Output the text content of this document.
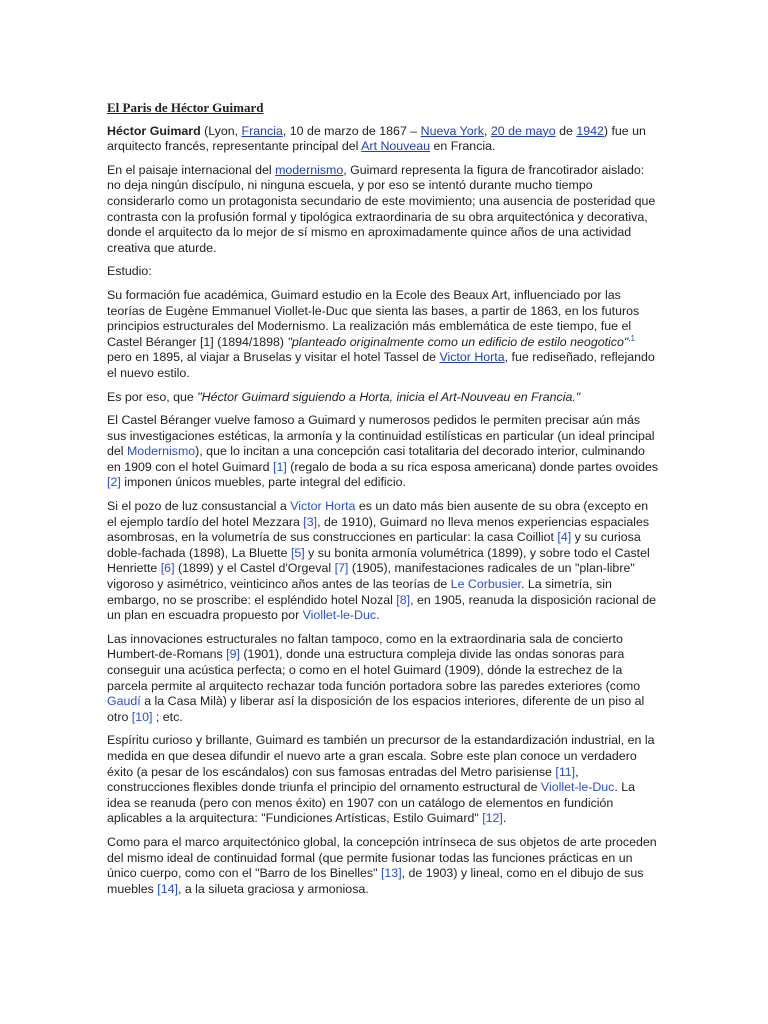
El Paris de Héctor Guimard

Héctor Guimard (Lyon, Francia, 10 de marzo de 1867 – Nueva York, 20 de mayo de 1942) fue un arquitecto francés, representante principal del Art Nouveau en Francia.

En el paisaje internacional del modernismo, Guimard representa la figura de francotirador aislado: no deja ningún discípulo, ni ninguna escuela, y por eso se intentó durante mucho tiempo considerarlo como un protagonista secundario de este movimiento; una ausencia de posteridad que contrasta con la profusión formal y tipológica extraordinaria de su obra arquitectónica y decorativa, donde el arquitecto da lo mejor de sí mismo en aproximadamente quince años de una actividad creativa que aturde.

Estudio:

Su formación fue académica, Guimard estudio en la Ecole des Beaux Art, influenciado por las teorías de Eugène Emmanuel Viollet-le-Duc que sienta las bases, a partir de 1863, en los futuros principios estructurales del Modernismo. La realización más emblemática de este tiempo, fue el Castel Béranger [1] (1894/1898) "planteado originalmente como un edificio de estilo neogotico"$^{,1}$ pero en 1895, al viajar a Bruselas y visitar el hotel Tassel de Victor Horta, fue rediseñado, reflejando el nuevo estilo.

Es por eso, que "Héctor Guimard siguiendo a Horta, inicia el Art-Nouveau en Francia."

El Castel Béranger vuelve famoso a Guimard y numerosos pedidos le permiten precisar aún más sus investigaciones estéticas, la armonía y la continuidad estilísticas en particular (un ideal principal del Modernismo), que lo incitan a una concepción casi totalitaria del decorado interior, culminando en 1909 con el hotel Guimard [1] (regalo de boda a su rica esposa americana) donde partes ovoides [2] imponen únicos muebles, parte integral del edificio.

Si el pozo de luz consustancial a Victor Horta es un dato más bien ausente de su obra (excepto en el ejemplo tardío del hotel Mezzara [3], de 1910), Guimard no lleva menos experiencias espaciales asombrosas, en la volumetría de sus construcciones en particular: la casa Coilliot [4] y su curiosa doble-fachada (1898), La Bluette [5] y su bonita armonía volumétrica (1899), y sobre todo el Castel Henriette [6] (1899) y el Castel d'Orgeval [7] (1905), manifestaciones radicales de un "plan-libre" vigoroso y asimétrico, veinticinco años antes de las teorías de Le Corbusier. La simetría, sin embargo, no se proscribe: el espléndido hotel Nozal [8], en 1905, reanuda la disposición racional de un plan en escuadra propuesto por Viollet-le-Duc.

Las innovaciones estructurales no faltan tampoco, como en la extraordinaria sala de concierto Humbert-de-Romans [9] (1901), donde una estructura compleja divide las ondas sonoras para conseguir una acústica perfecta; o como en el hotel Guimard (1909), dónde la estrechez de la parcela permite al arquitecto rechazar toda función portadora sobre las paredes exteriores (como Gaudí a la Casa Milà) y liberar así la disposición de los espacios interiores, diferente de un piso al otro [10] ; etc.

Espíritu curioso y brillante, Guimard es también un precursor de la estandardización industrial, en la medida en que desea difundir el nuevo arte a gran escala. Sobre este plan conoce un verdadero éxito (a pesar de los escándalos) con sus famosas entradas del Metro parisiense [11], construcciones flexibles donde triunfa el principio del ornamento estructural de Viollet-le-Duc. La idea se reanuda (pero con menos éxito) en 1907 con un catálogo de elementos en fundición aplicables a la arquitectura: "Fundiciones Artísticas, Estilo Guimard" [12].

Como para el marco arquitectónico global, la concepción intrínseca de sus objetos de arte proceden del mismo ideal de continuidad formal (que permite fusionar todas las funciones prácticas en un único cuerpo, como con el "Barro de los Binelles" [13], de 1903) y lineal, como en el dibujo de sus muebles [14], a la silueta graciosa y armoniosa.
